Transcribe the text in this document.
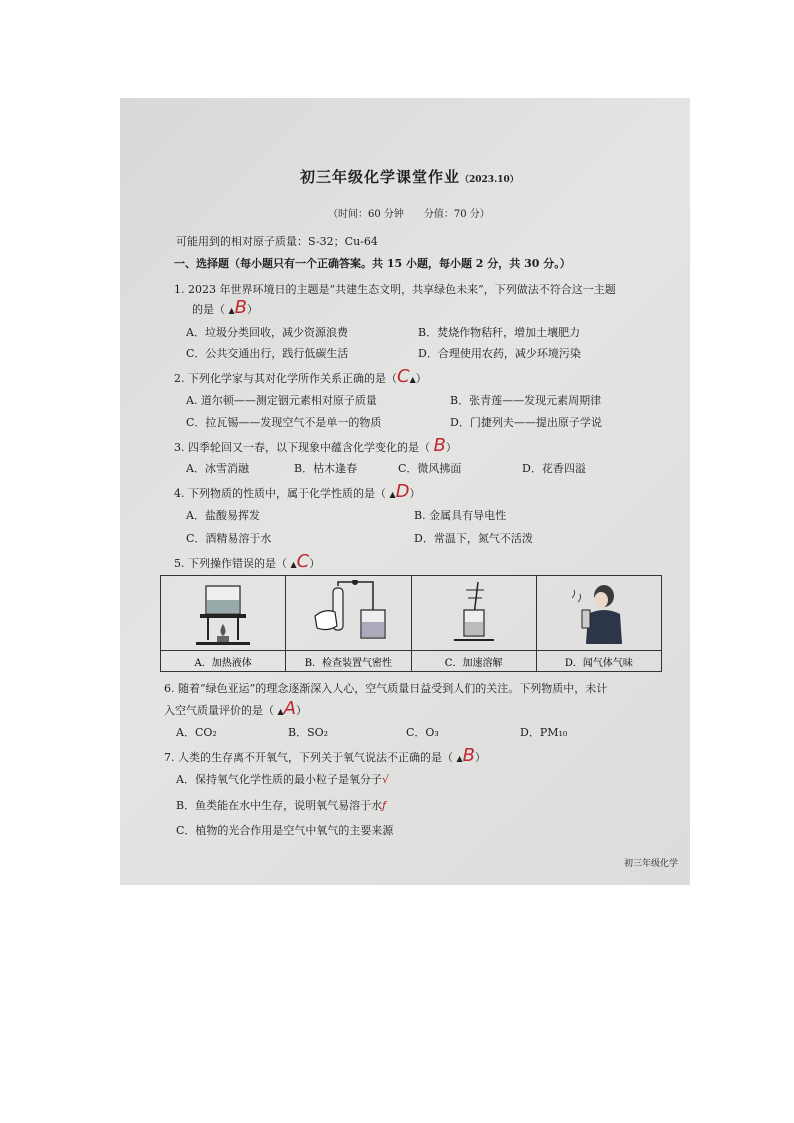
初三年级化学课堂作业（2023.10）
（时间：60 分钟　　分值：70 分）
可能用到的相对原子质量：S-32；Cu-64
一、选择题（每小题只有一个正确答案。共 15 小题，每小题 2 分，共 30 分。）
1. 2023 年世界环境日的主题是“共建生态文明，共享绿色未来”，下列做法不符合这一主题
的是（ ▲B）
A．垃圾分类回收，减少资源浪费	B．焚烧作物秸秆，增加土壤肥力
C．公共交通出行，践行低碳生活	D．合理使用农药，减少环境污染
2. 下列化学家与其对化学所作关系正确的是（C▲）
A. 道尔顿——测定铟元素相对原子质量	B．张青莲——发现元素周期律
C．拉瓦锡——发现空气不是单一的物质	D．门捷列夫——提出原子学说
3. 四季轮回又一春，以下现象中蕴含化学变化的是（ B）
A．冰雪消融	B．枯木逢春	C．微风拂面	D．花香四溢
4. 下列物质的性质中，属于化学性质的是（ ▲D）
A．盐酸易挥发	B. 金属具有导电性
C．酒精易溶于水	D．常温下，氮气不活泼
5. 下列操作错误的是（ ▲C）

A．加热液体	B．检查装置气密性	C．加速溶解	D．闻气体气味
6. 随着“绿色亚运”的理念逐渐深入人心，空气质量日益受到人们的关注。下列物质中，未计
入空气质量评价的是（ ▲A）
A．CO₂	B．SO₂	C．O₃	D．PM₁₀
7. 人类的生存离不开氧气，下列关于氧气说法不正确的是（ ▲B）
A．保持氧气化学性质的最小粒子是氧分子√
B．鱼类能在水中生存，说明氧气易溶于水ƒ
C．植物的光合作用是空气中氧气的主要来源
初三年级化学
